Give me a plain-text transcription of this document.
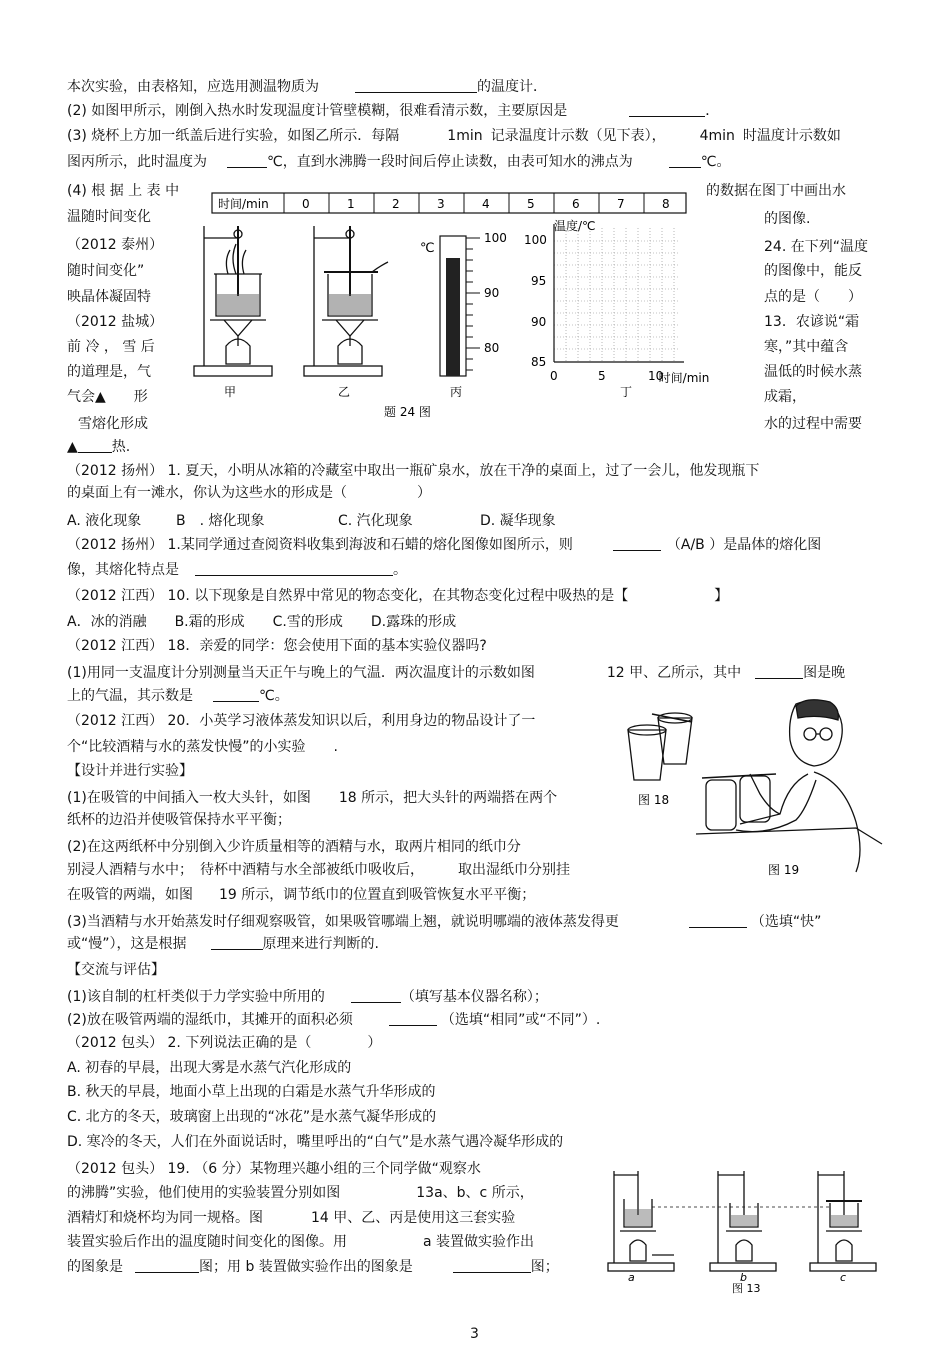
本次实验，由表格知，应选用测温物质为	的温度计．
(2) 如图甲所示，刚倒入热水时发现温度计管壁模糊，很难看清示数，主要原因是	．
(3) 烧杯上方加一纸盖后进行实验，如图乙所示．每隔	1min 记录温度计示数（见下表）， 4min 时温度计示数如
图丙所示，此时温度为	℃，直到水沸腾一段时间后停止读数，由表可知水的沸点为	℃。
(4) 根 据 上 表 中
温随时间变化
（2012 泰州）
随时间变化”
映晶体凝固特
（2012 盐城）
前 冷 ， 雪 后
的道理是，气
气会▲　　形
雪熔化形成
▲ 热.
的数据在图丁中画出水
的图像.
24. 在下列“温度
的图像中，能反
点的是（　　）
13．农谚说“霜
寒，”其中蕴含
温低的时候水蒸
成霜，
水的过程中需要
时间/min	0	1	2	3	4	5	6	7	8
℃
100
90
80
温度/℃
100
95
90
85
0	5	10
时间/min
甲	乙	丙	丁
题 24 图
（2012 扬州） 1. 夏天，小明从冰箱的冷藏室中取出一瓶矿泉水，放在干净的桌面上，过了一会儿，他发现瓶下
的桌面上有一滩水，你认为这些水的形成是（　　　　　）
A. 液化现象 B　. 熔化现象	C. 汽化现象	D. 凝华现象
（2012 扬州） 1.某同学通过查阅资料收集到海波和石蜡的熔化图像如图所示，则	（A/B ）是晶体的熔化图
像，其熔化特点是	。
（2012 江西） 10. 以下现象是自然界中常见的物态变化，在其物态变化过程中吸热的是【	】
A．冰的消融　　B.霜的形成　　C.雪的形成　　D.露珠的形成
（2012 江西） 18．亲爱的同学：您会使用下面的基本实验仪器吗?
(1)用同一支温度计分别测量当天正午与晚上的气温．两次温度计的示数如图	12 甲、乙所示，其中	图是晚
上的气温，其示数是	℃。
（2012 江西） 20．小英学习液体蒸发知识以后，利用身边的物品设计了一
个“比较酒精与水的蒸发快慢”的小实验　　.
【设计并进行实验】
(1)在吸管的中间插入一枚大头针，如图 18 所示，把大头针的两端搭在两个
纸杯的边沿并使吸管保持水平平衡；
(2)在这两纸杯中分别倒入少许质量相等的酒精与水，取两片相同的纸巾分
别浸人酒精与水中；　待杯中酒精与水全部被纸巾吸收后， 取出湿纸巾分别挂
在吸管的两端，如图 19 所示，调节纸巾的位置直到吸管恢复水平平衡；
(3)当酒精与水开始蒸发时仔细观察吸管，如果吸管哪端上翘，就说明哪端的液体蒸发得更	（选填“快”
或“慢”），这是根据	原理来进行判断的.
【交流与评估】
(1)该自制的杠杆类似于力学实验中所用的	（填写基本仪器名称）；
(2)放在吸管两端的湿纸巾，其摊开的面积必须	（选填“相同”或“不同”）.
（2012 包头） 2. 下列说法正确的是（　　　　）
A. 初春的早晨，出现大雾是水蒸气汽化形成的
B. 秋天的早晨，地面小草上出现的白霜是水蒸气升华形成的
C. 北方的冬天，玻璃窗上出现的“冰花”是水蒸气凝华形成的
D. 寒冷的冬天，人们在外面说话时，嘴里呼出的“白气”是水蒸气遇冷凝华形成的
（2012 包头） 19. （6 分）某物理兴趣小组的三个同学做“观察水
的沸腾”实验，他们使用的实验装置分别如图	13a、b、c 所示，
酒精灯和烧杯均为同一规格。图	14 甲、乙、丙是使用这三套实验
装置实验后作出的温度随时间变化的图像。用	a 装置做实验作出
的图象是	图；用 b 装置做实验作出的图象是	图；
图 18
图 19
a	b	c
图 13
3
